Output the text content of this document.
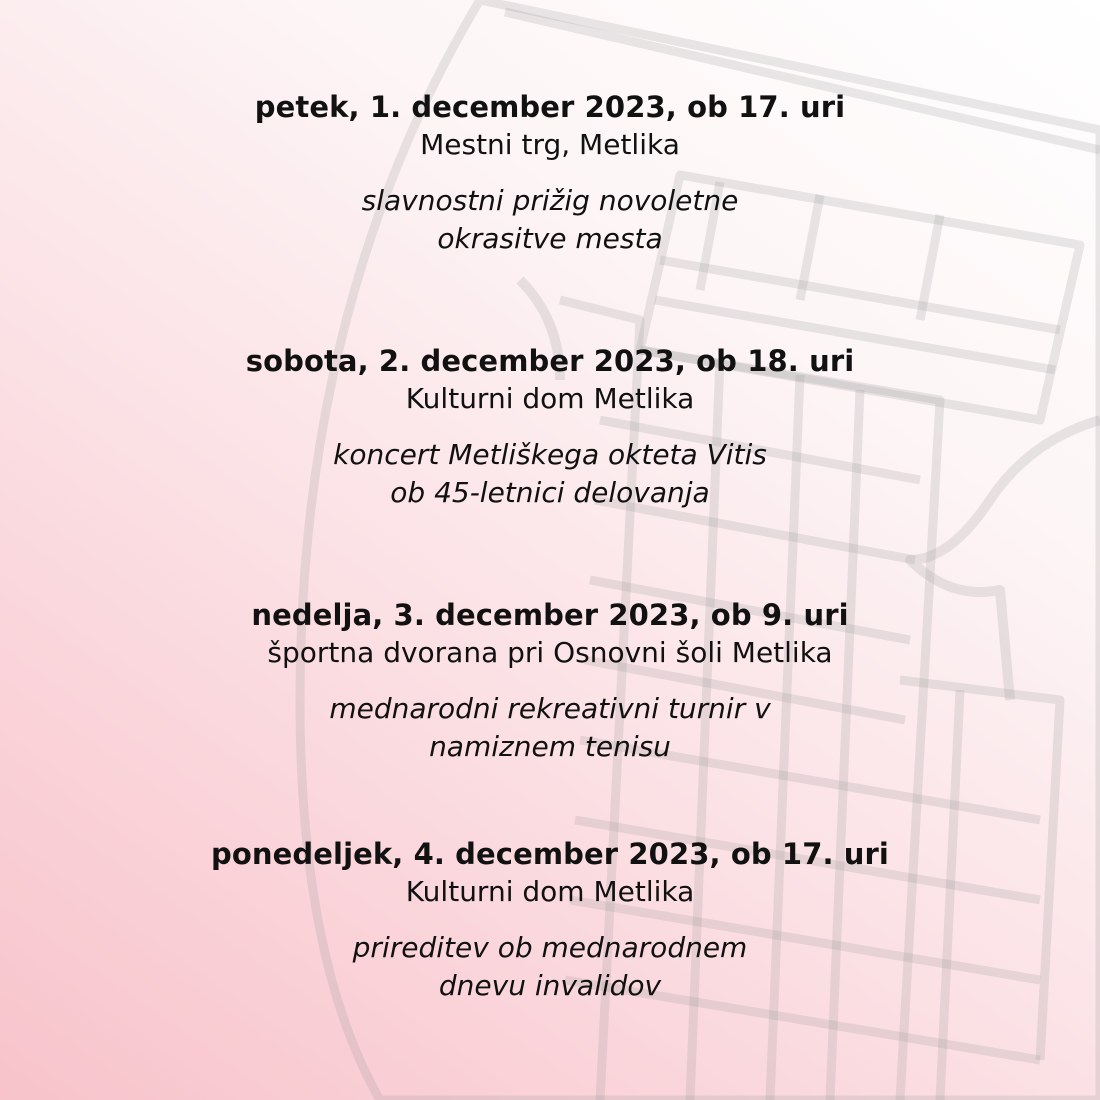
petek, 1. december 2023, ob 17. uri
Mestni trg, Metlika
slavnostni prižig novoletne
okrasitve mesta
sobota, 2. december 2023, ob 18. uri
Kulturni dom Metlika
koncert Metliškega okteta Vitis
ob 45-letnici delovanja
nedelja, 3. december 2023, ob 9. uri
športna dvorana pri Osnovni šoli Metlika
mednarodni rekreativni turnir v
namiznem tenisu
ponedeljek, 4. december 2023, ob 17. uri
Kulturni dom Metlika
prireditev ob mednarodnem
dnevu invalidov
